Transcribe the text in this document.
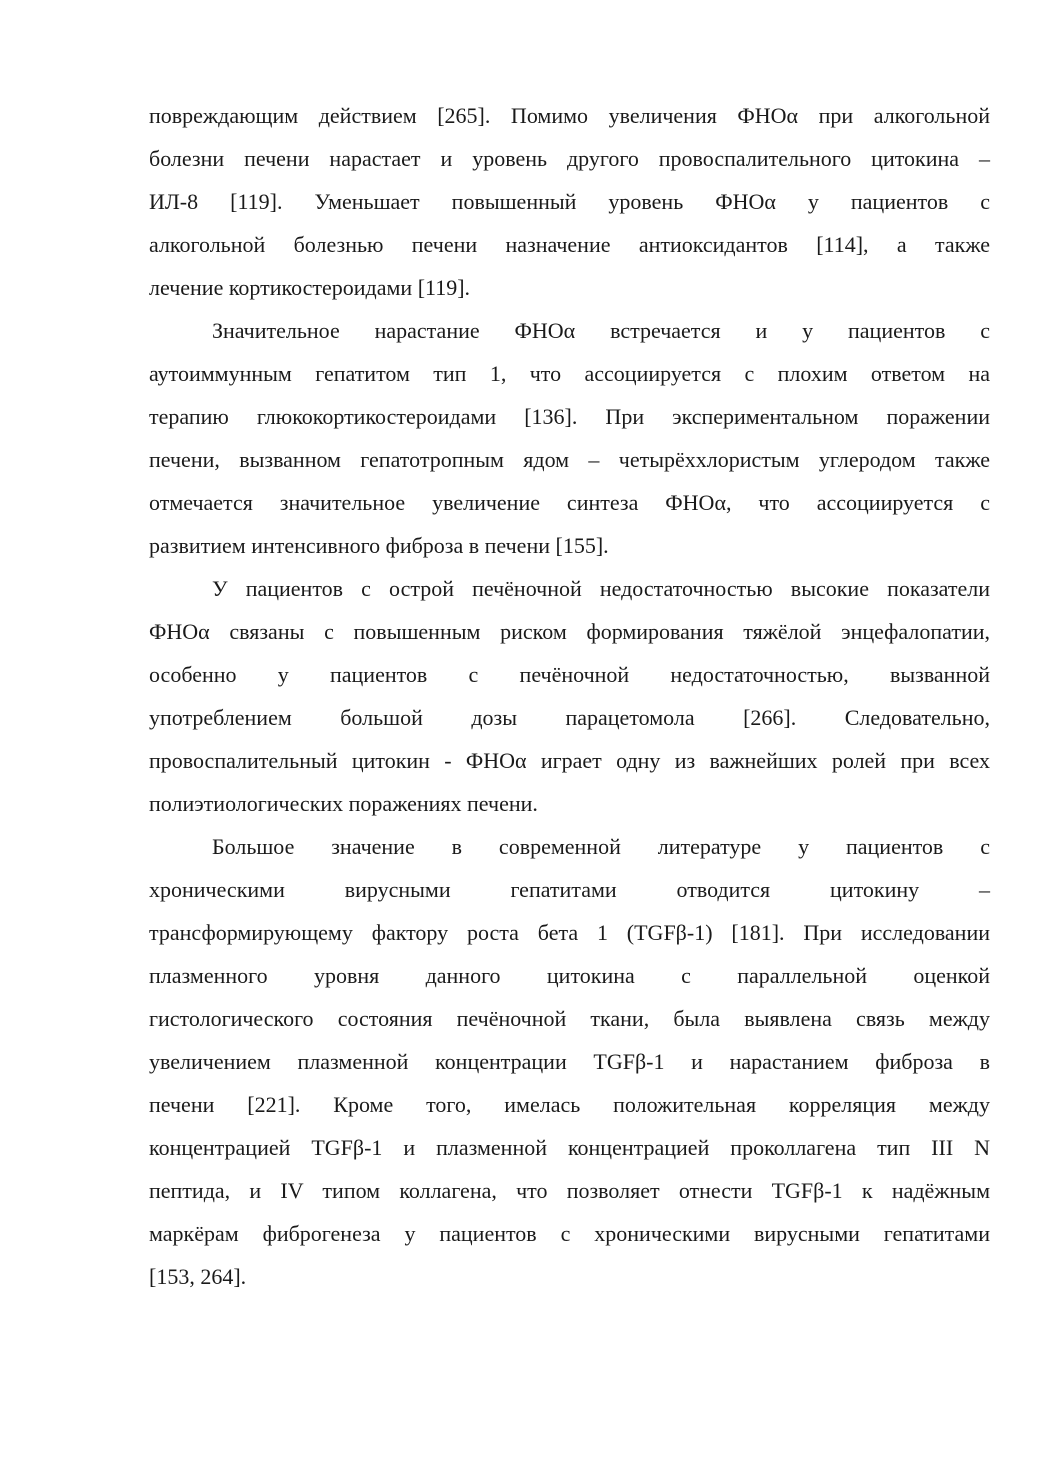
повреждающим действием [265]. Помимо увеличения ФНОα при алкогольной
болезни печени нарастает и уровень другого провоспалительного цитокина –
ИЛ-8 [119]. Уменьшает повышенный уровень ФНОα у пациентов с
алкогольной болезнью печени назначение антиоксидантов [114], а также
лечение кортикостероидами [119].
Значительное нарастание ФНОα встречается и у пациентов с
аутоиммунным гепатитом тип 1, что ассоциируется с плохим ответом на
терапию глюкокортикостероидами [136]. При экспериментальном поражении
печени, вызванном гепатотропным ядом – четырёххлористым углеродом также
отмечается значительное увеличение синтеза ФНОα, что ассоциируется с
развитием интенсивного фиброза в печени [155].
У пациентов с острой печёночной недостаточностью высокие показатели
ФНОα связаны с повышенным риском формирования тяжёлой энцефалопатии,
особенно у пациентов с печёночной недостаточностью, вызванной
употреблением большой дозы парацетомола [266]. Следовательно,
провоспалительный цитокин - ФНОα играет одну из важнейших ролей при всех
полиэтиологических поражениях печени.
Большое значение в современной литературе у пациентов с
хроническими вирусными гепатитами отводится цитокину –
трансформирующему фактору роста бета 1 (TGFβ-1) [181]. При исследовании
плазменного уровня данного цитокина с параллельной оценкой
гистологического состояния печёночной ткани, была выявлена связь между
увеличением плазменной концентрации TGFβ-1 и нарастанием фиброза в
печени [221]. Кроме того, имелась положительная корреляция между
концентрацией TGFβ-1 и плазменной концентрацией проколлагена тип III N
пептида, и IV типом коллагена, что позволяет отнести TGFβ-1 к надёжным
маркёрам фиброгенеза у пациентов с хроническими вирусными гепатитами
[153, 264].
